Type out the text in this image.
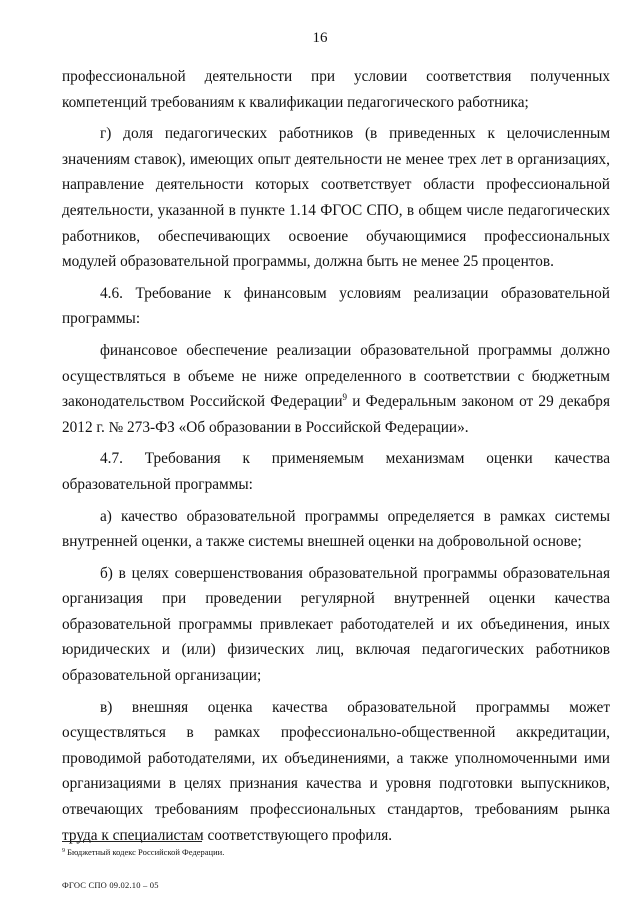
16

профессиональной деятельности при условии соответствия полученных компетенций требованиям к квалификации педагогического работника;

г) доля педагогических работников (в приведенных к целочисленным значениям ставок), имеющих опыт деятельности не менее трех лет в организациях, направление деятельности которых соответствует области профессиональной деятельности, указанной в пункте 1.14 ФГОС СПО, в общем числе педагогических работников, обеспечивающих освоение обучающимися профессиональных модулей образовательной программы, должна быть не менее 25 процентов.

4.6. Требование к финансовым условиям реализации образовательной программы:

финансовое обеспечение реализации образовательной программы должно осуществляться в объеме не ниже определенного в соответствии с бюджетным законодательством Российской Федерации$^9$ и Федеральным законом от 29 декабря 2012 г. № 273-ФЗ «Об образовании в Российской Федерации».

4.7. Требования к применяемым механизмам оценки качества образовательной программы:

а) качество образовательной программы определяется в рамках системы внутренней оценки, а также системы внешней оценки на добровольной основе;

б) в целях совершенствования образовательной программы образовательная организация при проведении регулярной внутренней оценки качества образовательной программы привлекает работодателей и их объединения, иных юридических и (или) физических лиц, включая педагогических работников образовательной организации;

в) внешняя оценка качества образовательной программы может осуществляться в рамках профессионально-общественной аккредитации, проводимой работодателями, их объединениями, а также уполномоченными ими организациями в целях признания качества и уровня подготовки выпускников, отвечающих требованиям профессиональных стандартов, требованиям рынка труда к специалистам соответствующего профиля.

$^9$ Бюджетный кодекс Российской Федерации.
ФГОС СПО 09.02.10 – 05
